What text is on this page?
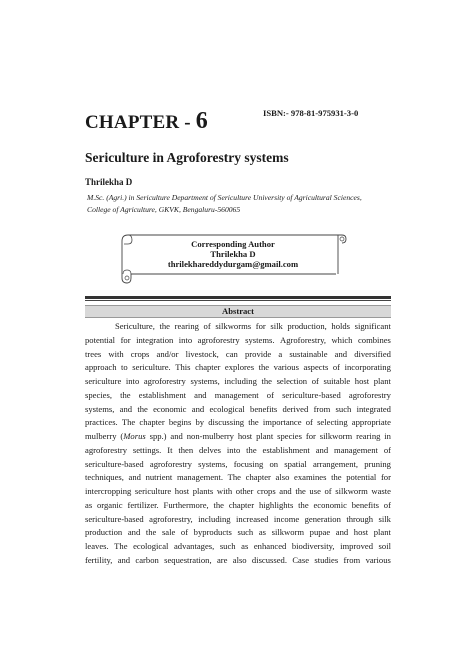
CHAPTER - 6	ISBN:- 978-81-975931-3-0
Sericulture in Agroforestry systems
Thrilekha D
M.Sc. (Agri.) in Sericulture Department of Sericulture University of Agricultural Sciences,
College of Agriculture, GKVK, Bengaluru-560065
Corresponding Author
Thrilekha D
thrilekhareddydurgam@gmail.com
Abstract
Sericulture, the rearing of silkworms for silk production, holds significant
potential for integration into agroforestry systems. Agroforestry, which combines
trees with crops and/or livestock, can provide a sustainable and diversified
approach to sericulture. This chapter explores the various aspects of incorporating
sericulture into agroforestry systems, including the selection of suitable host plant
species, the establishment and management of sericulture-based agroforestry
systems, and the economic and ecological benefits derived from such integrated
practices. The chapter begins by discussing the importance of selecting appropriate
mulberry (Morus spp.) and non-mulberry host plant species for silkworm rearing in
agroforestry settings. It then delves into the establishment and management of
sericulture-based agroforestry systems, focusing on spatial arrangement, pruning
techniques, and nutrient management. The chapter also examines the potential for
intercropping sericulture host plants with other crops and the use of silkworm waste
as organic fertilizer. Furthermore, the chapter highlights the economic benefits of
sericulture-based agroforestry, including increased income generation through silk
production and the sale of byproducts such as silkworm pupae and host plant
leaves. The ecological advantages, such as enhanced biodiversity, improved soil
fertility, and carbon sequestration, are also discussed. Case studies from various
